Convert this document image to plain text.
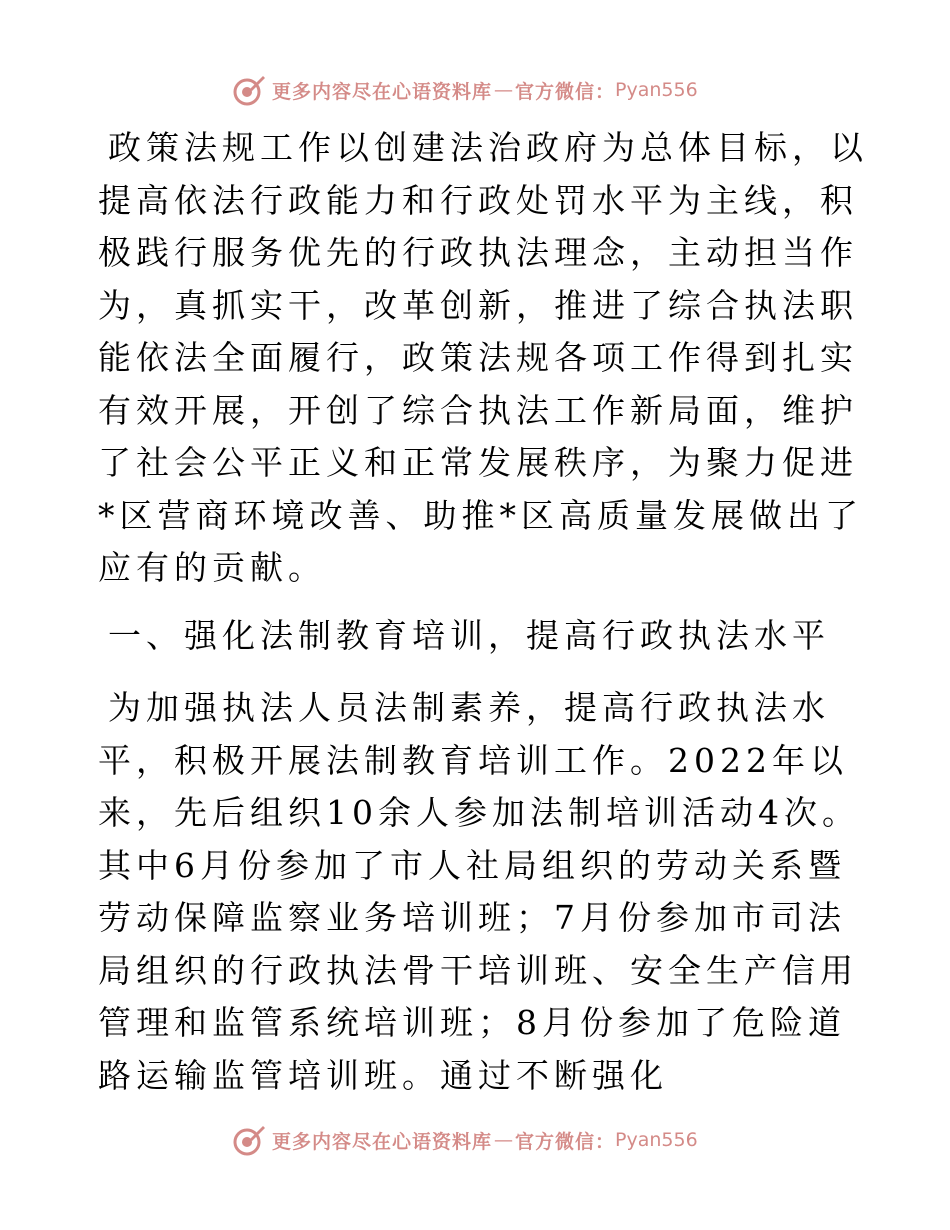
更多内容尽在心语资料库 — 官方微信： Pyan556

政策法规工作以创建法治政府为总体目标，以提高依法行政能力和行政处罚水平为主线，积极践行服务优先的行政执法理念，主动担当作为，真抓实干，改革创新，推进了综合执法职能依法全面履行，政策法规各项工作得到扎实有效开展，开创了综合执法工作新局面，维护了社会公平正义和正常发展秩序，为聚力促进*区营商环境改善、助推*区高质量发展做出了应有的贡献。

一、强化法制教育培训，提高行政执法水平

为加强执法人员法制素养，提高行政执法水平，积极开展法制教育培训工作。2022年以来，先后组织10余人参加法制培训活动4次。其中6月份参加了市人社局组织的劳动关系暨劳动保障监察业务培训班；7月份参加市司法局组织的行政执法骨干培训班、安全生产信用管理和监管系统培训班；8月份参加了危险道路运输监管培训班。通过不断强化

更多内容尽在心语资料库 — 官方微信： Pyan556
